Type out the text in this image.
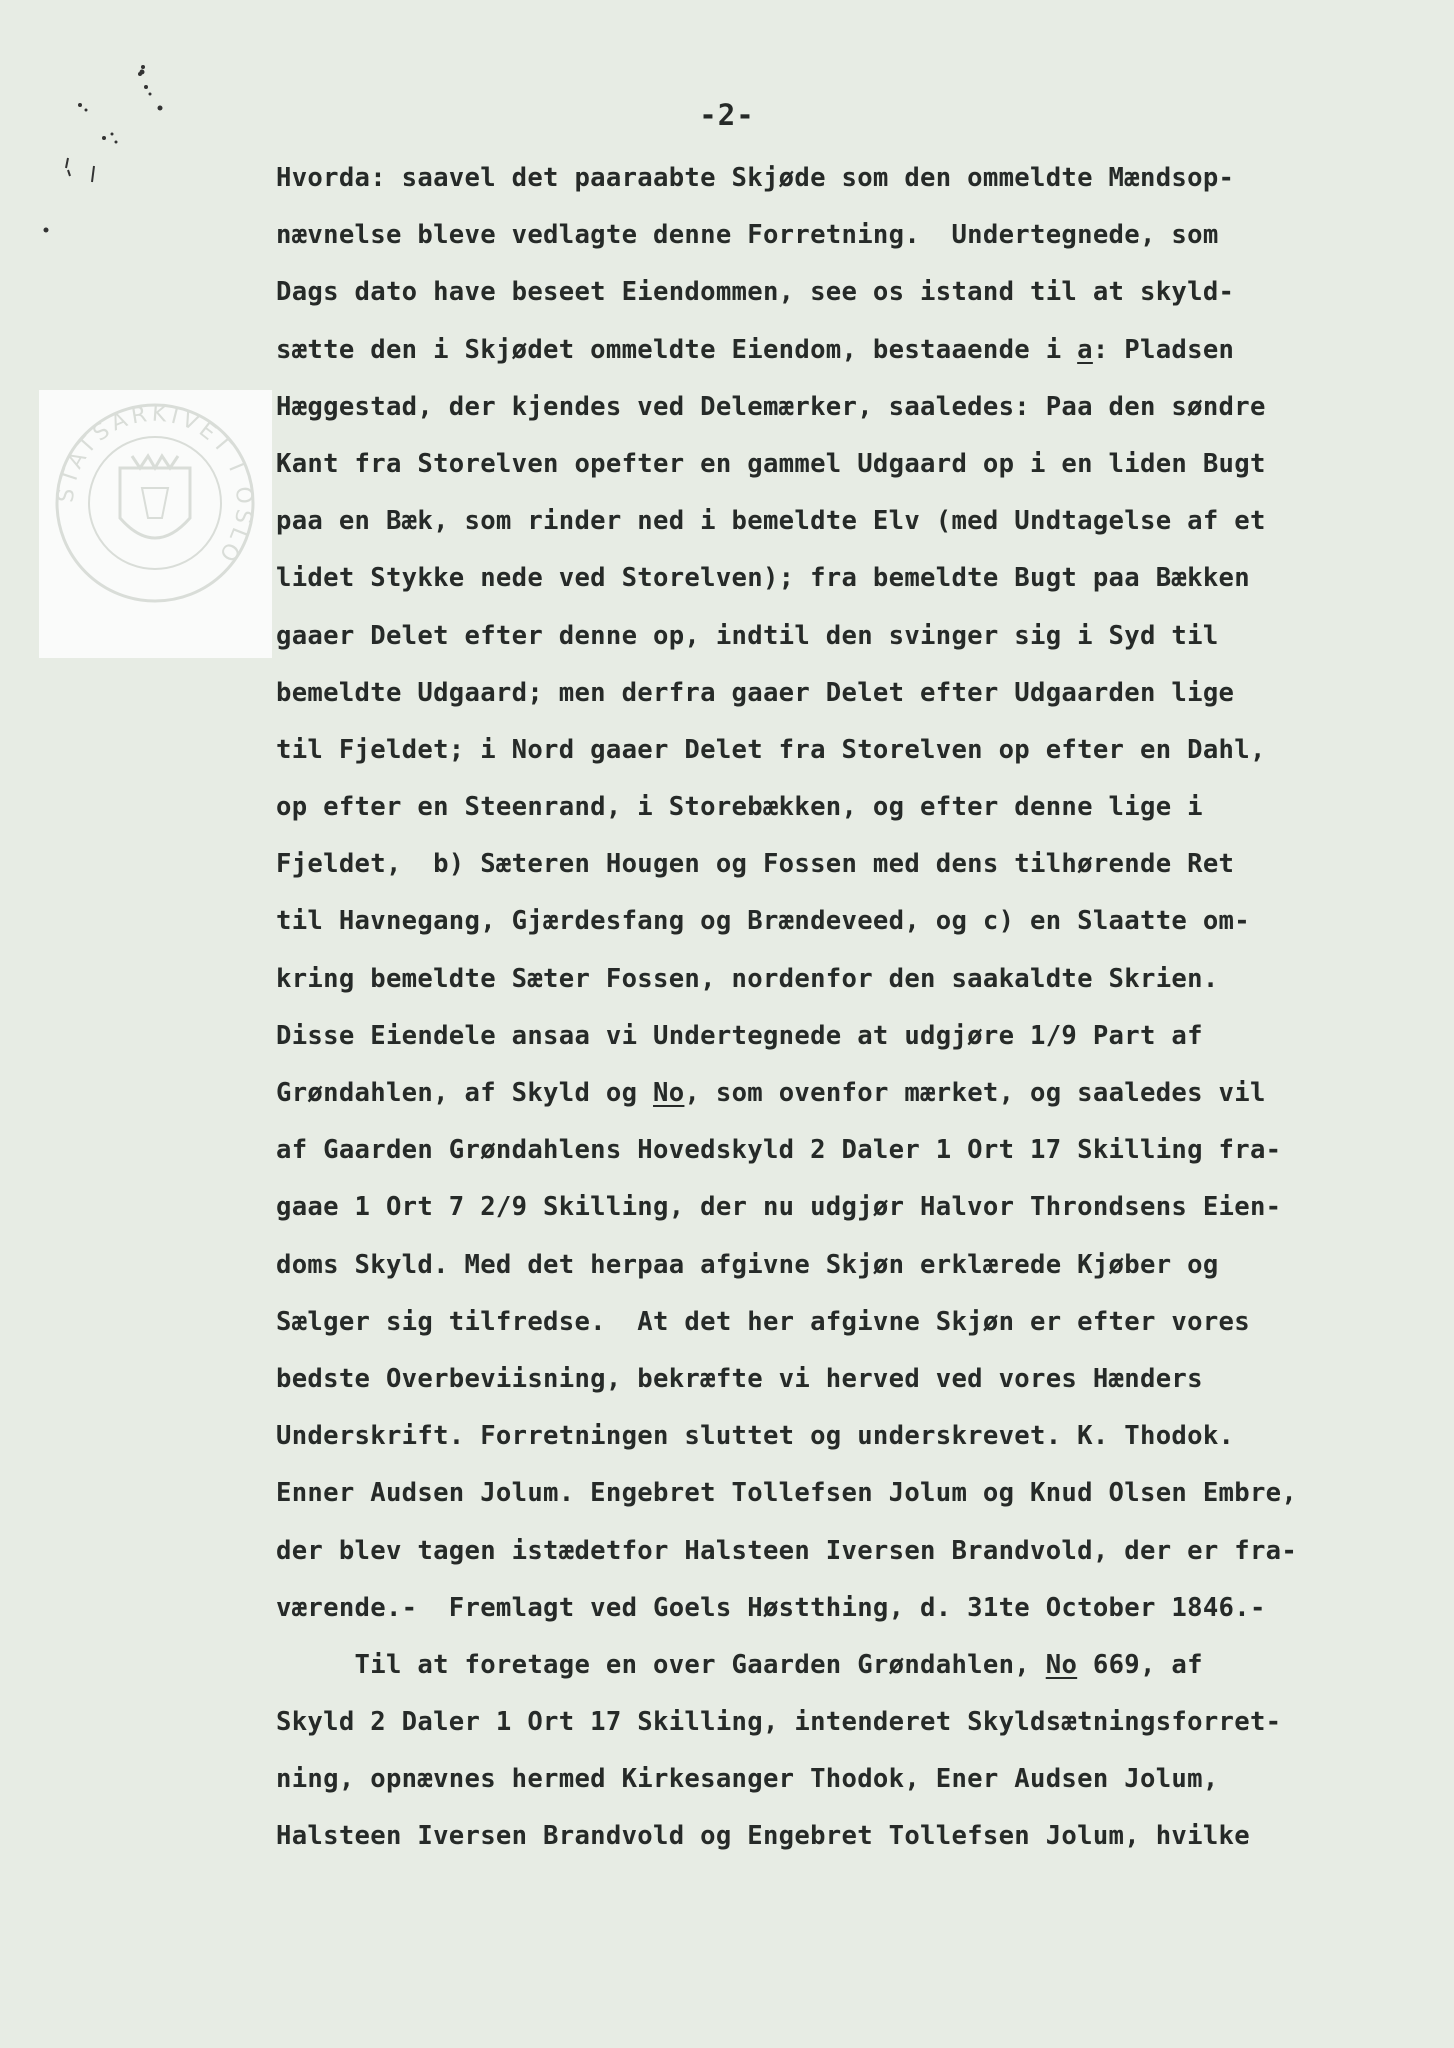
STATSARKIVET I OSLO
-2-
Hvorda: saavel det paaraabte Skjøde som den ommeldte Mændsop-
nævnelse bleve vedlagte denne Forretning.  Undertegnede, som
Dags dato have beseet Eiendommen, see os istand til at skyld-
sætte den i Skjødet ommeldte Eiendom, bestaaende i a: Pladsen
Hæggestad, der kjendes ved Delemærker, saaledes: Paa den søndre
Kant fra Storelven opefter en gammel Udgaard op i en liden Bugt
paa en Bæk, som rinder ned i bemeldte Elv (med Undtagelse af et
lidet Stykke nede ved Storelven); fra bemeldte Bugt paa Bækken
gaaer Delet efter denne op, indtil den svinger sig i Syd til
bemeldte Udgaard; men derfra gaaer Delet efter Udgaarden lige
til Fjeldet; i Nord gaaer Delet fra Storelven op efter en Dahl,
op efter en Steenrand, i Storebækken, og efter denne lige i
Fjeldet,  b) Sæteren Hougen og Fossen med dens tilhørende Ret
til Havnegang, Gjærdesfang og Brændeveed, og c) en Slaatte om-
kring bemeldte Sæter Fossen, nordenfor den saakaldte Skrien.
Disse Eiendele ansaa vi Undertegnede at udgjøre 1/9 Part af
Grøndahlen, af Skyld og No, som ovenfor mærket, og saaledes vil
af Gaarden Grøndahlens Hovedskyld 2 Daler 1 Ort 17 Skilling fra-
gaae 1 Ort 7 2/9 Skilling, der nu udgjør Halvor Throndsens Eien-
doms Skyld. Med det herpaa afgivne Skjøn erklærede Kjøber og
Sælger sig tilfredse.  At det her afgivne Skjøn er efter vores
bedste Overbeviisning, bekræfte vi herved ved vores Hænders
Underskrift. Forretningen sluttet og underskrevet. K. Thodok.
Enner Audsen Jolum. Engebret Tollefsen Jolum og Knud Olsen Embre,
der blev tagen istædetfor Halsteen Iversen Brandvold, der er fra-
værende.-  Fremlagt ved Goels Høstthing, d. 31te October 1846.-
Til at foretage en over Gaarden Grøndahlen, No 669, af
Skyld 2 Daler 1 Ort 17 Skilling, intenderet Skyldsætningsforret-
ning, opnævnes hermed Kirkesanger Thodok, Ener Audsen Jolum,
Halsteen Iversen Brandvold og Engebret Tollefsen Jolum, hvilke
